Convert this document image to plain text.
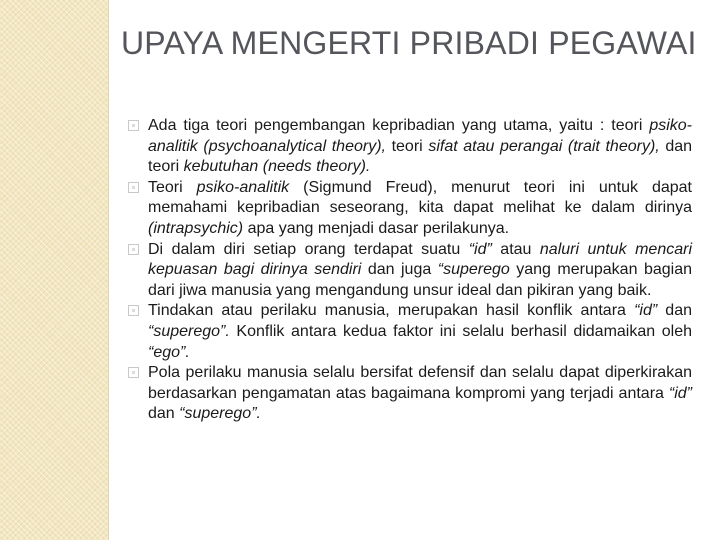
UPAYA MENGERTI PRIBADI PEGAWAI
Ada tiga teori pengembangan kepribadian yang utama, yaitu : teori psiko-analitik (psychoanalytical theory), teori sifat atau perangai (trait theory), dan teori kebutuhan (needs theory).
Teori psiko-analitik (Sigmund Freud), menurut teori ini untuk dapat memahami kepribadian seseorang, kita dapat melihat ke dalam dirinya (intrapsychic) apa yang menjadi dasar perilakunya.
Di dalam diri setiap orang terdapat suatu “id” atau naluri untuk mencari kepuasan bagi dirinya sendiri dan juga “superego yang merupakan bagian dari jiwa manusia yang mengandung unsur ideal dan pikiran yang baik.
Tindakan atau perilaku manusia, merupakan hasil konflik antara “id” dan “superego”. Konflik antara kedua faktor ini selalu berhasil didamaikan oleh “ego”.
Pola perilaku manusia selalu bersifat defensif dan selalu dapat diperkirakan berdasarkan pengamatan atas bagaimana kompromi yang terjadi antara “id” dan “superego”.
